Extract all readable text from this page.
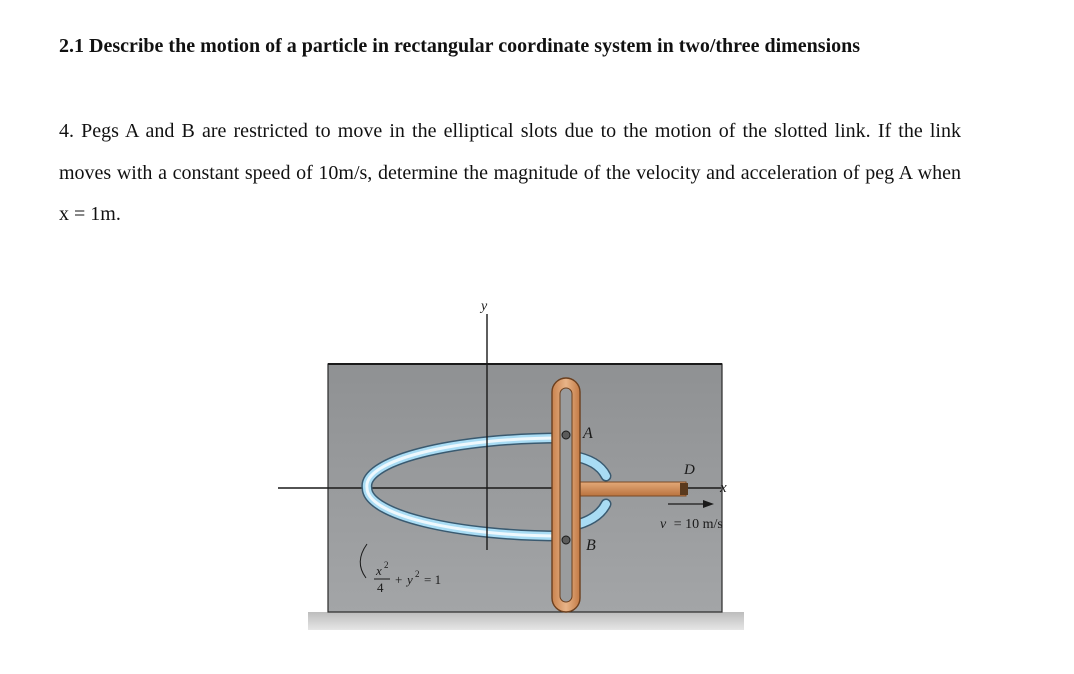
2.1 Describe the motion of a particle in rectangular coordinate system in two/three dimensions

4. Pegs A and B are restricted to move in the elliptical slots due to the motion of the slotted link. If the link moves with a constant speed of 10m/s, determine the magnitude of the velocity and acceleration of peg A when x = 1m.

y
A
B
D
x
v = 10 m/s
x 2
4
+ y 2 = 1
